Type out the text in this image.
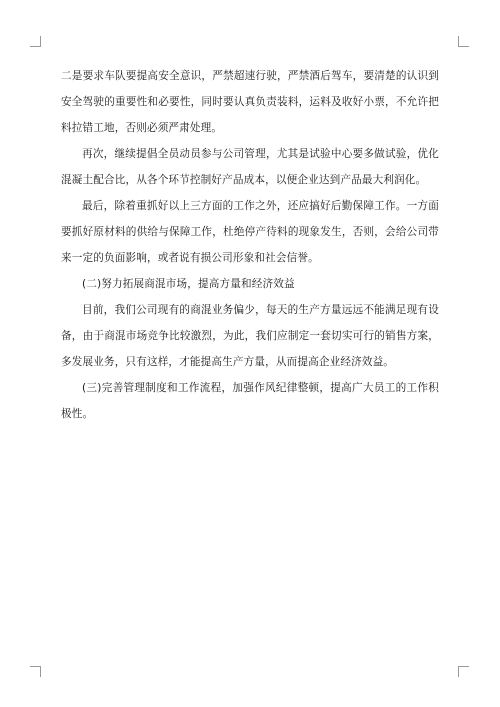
二是要求车队要提高安全意识，严禁超速行驶，严禁酒后驾车，要清楚的认识到安全驾驶的重要性和必要性，同时要认真负责装料，运料及收好小票，不允许把料拉错工地，否则必须严肃处理。

再次，继续提倡全员动员参与公司管理，尤其是试验中心要多做试验，优化混凝土配合比，从各个环节控制好产品成本，以便企业达到产品最大利润化。

最后，除着重抓好以上三方面的工作之外，还应搞好后勤保障工作。一方面要抓好原材料的供给与保障工作，杜绝停产待料的现象发生，否则，会给公司带来一定的负面影响，或者说有损公司形象和社会信誉。

(二)努力拓展商混市场，提高方量和经济效益

目前，我们公司现有的商混业务偏少，每天的生产方量远远不能满足现有设备，由于商混市场竞争比较激烈，为此，我们应制定一套切实可行的销售方案，多发展业务，只有这样，才能提高生产方量，从而提高企业经济效益。

(三)完善管理制度和工作流程，加强作风纪律整顿，提高广大员工的工作积极性。
